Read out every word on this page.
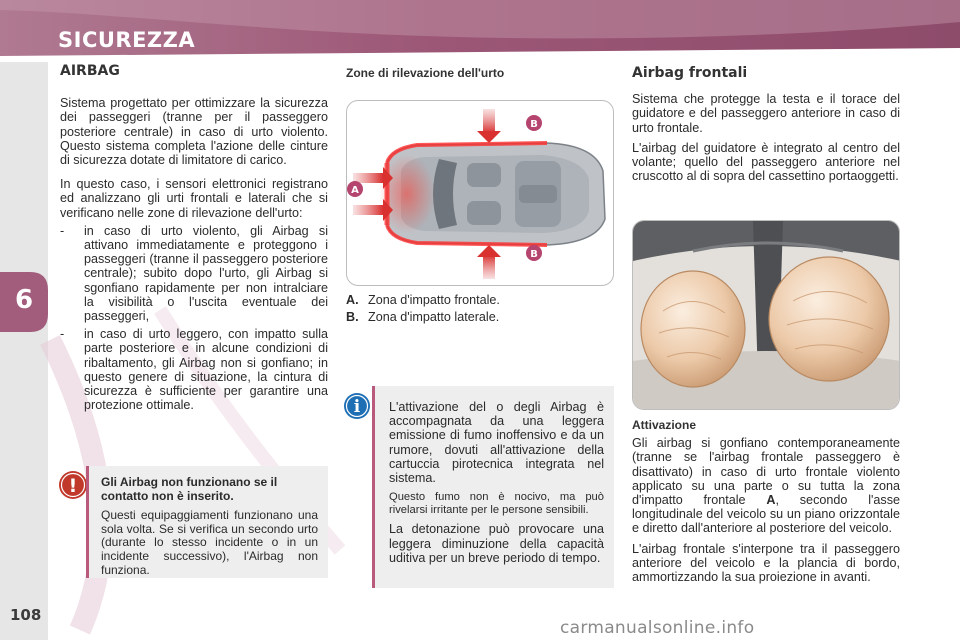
SICUREZZA
6
108
AIRBAG

Sistema progettato per ottimizzare la sicurezza dei passeggeri (tranne per il passeggero posteriore centrale) in caso di urto violento. Questo sistema completa l'azione delle cinture di sicurezza dotate di limitatore di carico.

In questo caso, i sensori elettronici registrano ed analizzano gli urti frontali e laterali che si verificano nelle zone di rilevazione dell'urto:

- in caso di urto violento, gli Airbag si attivano immediatamente e proteggono i passeggeri (tranne il passeggero posteriore centrale); subito dopo l'urto, gli Airbag si sgonfiano rapidamente per non intralciare la visibilità o l'uscita eventuale dei passeggeri,
- in caso di urto leggero, con impatto sulla parte posteriore e in alcune condizioni di ribaltamento, gli Airbag non si gonfiano; in questo genere di situazione, la cintura di sicurezza è sufficiente per garantire una protezione ottimale.
! Gli Airbag non funzionano se il contatto non è inserito.
Questi equipaggiamenti funzionano una sola volta. Se si verifica un secondo urto (durante lo stesso incidente o in un incidente successivo), l'Airbag non funziona.
Zone di rilevazione dell'urto
B
A
B
A. Zona d'impatto frontale.
B. Zona d'impatto laterale.
i L'attivazione del o degli Airbag è accompagnata da una leggera emissione di fumo inoffensivo e da un rumore, dovuti all'attivazione della cartuccia pirotecnica integrata nel sistema.

Questo fumo non è nocivo, ma può rivelarsi irritante per le persone sensibili.

La detonazione può provocare una leggera diminuzione della capacità uditiva per un breve periodo di tempo.

Airbag frontali

Sistema che protegge la testa e il torace del guidatore e del passeggero anteriore in caso di urto frontale.

L'airbag del guidatore è integrato al centro del volante; quello del passeggero anteriore nel cruscotto al di sopra del cassettino portaoggetti.

Attivazione

Gli airbag si gonfiano contemporaneamente (tranne se l'airbag frontale passeggero è disattivato) in caso di urto frontale violento applicato su una parte o su tutta la zona d'impatto frontale A, secondo l'asse longitudinale del veicolo su un piano orizzontale e diretto dall'anteriore al posteriore del veicolo.

L'airbag frontale s'interpone tra il passeggero anteriore del veicolo e la plancia di bordo, ammortizzando la sua proiezione in avanti.

carmanualsonline.info
